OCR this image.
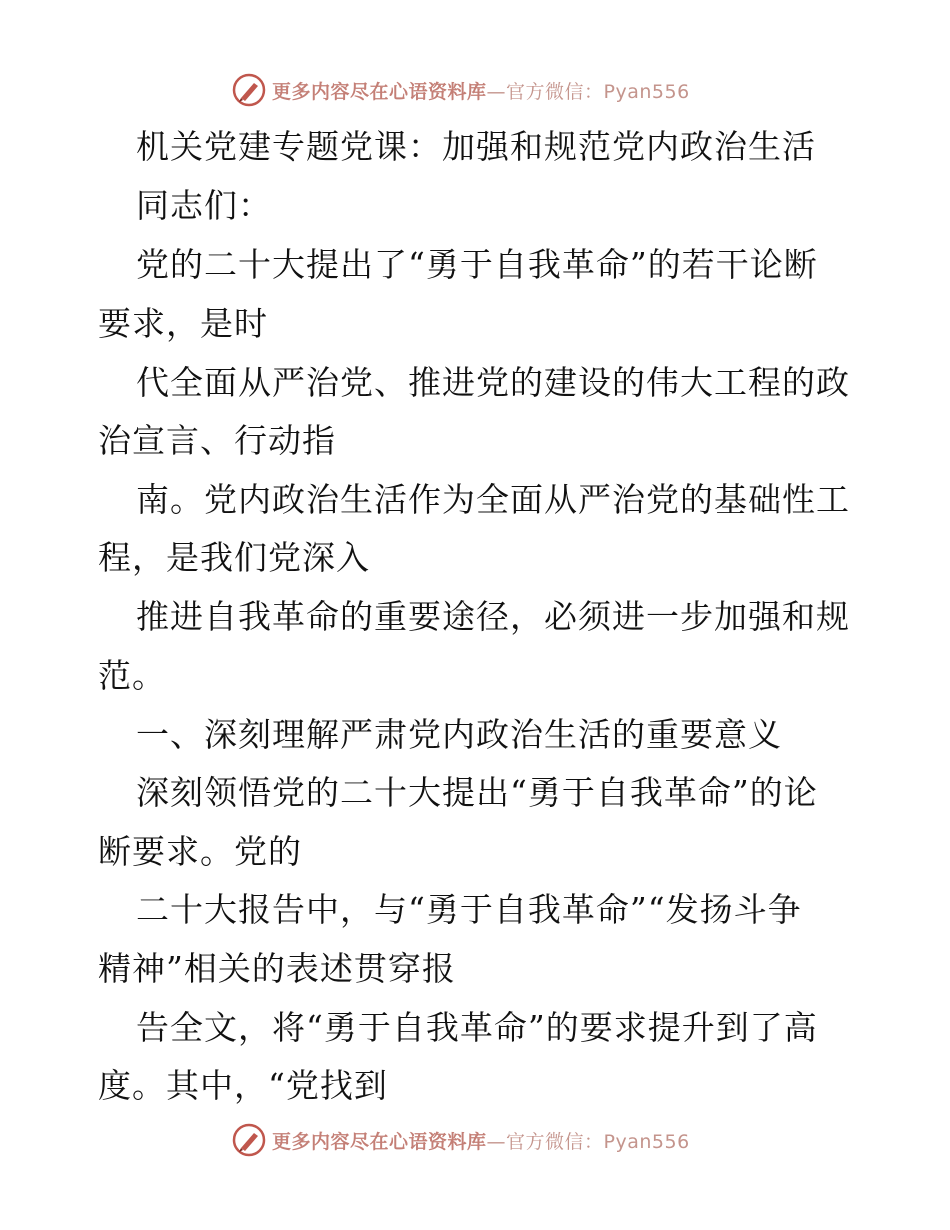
更多内容尽在心语资料库—官方微信：Pyan556
机关党建专题党课：加强和规范党内政治生活
同志们：
党的二十大提出了“勇于自我革命”的若干论断
要求，是时
代全面从严治党、推进党的建设的伟大工程的政
治宣言、行动指
南。党内政治生活作为全面从严治党的基础性工
程，是我们党深入
推进自我革命的重要途径，必须进一步加强和规
范。
一、深刻理解严肃党内政治生活的重要意义
深刻领悟党的二十大提出“勇于自我革命”的论
断要求。党的
二十大报告中，与“勇于自我革命”“发扬斗争
精神”相关的表述贯穿报
告全文，将“勇于自我革命”的要求提升到了高
度。其中，“党找到
更多内容尽在心语资料库—官方微信：Pyan556
